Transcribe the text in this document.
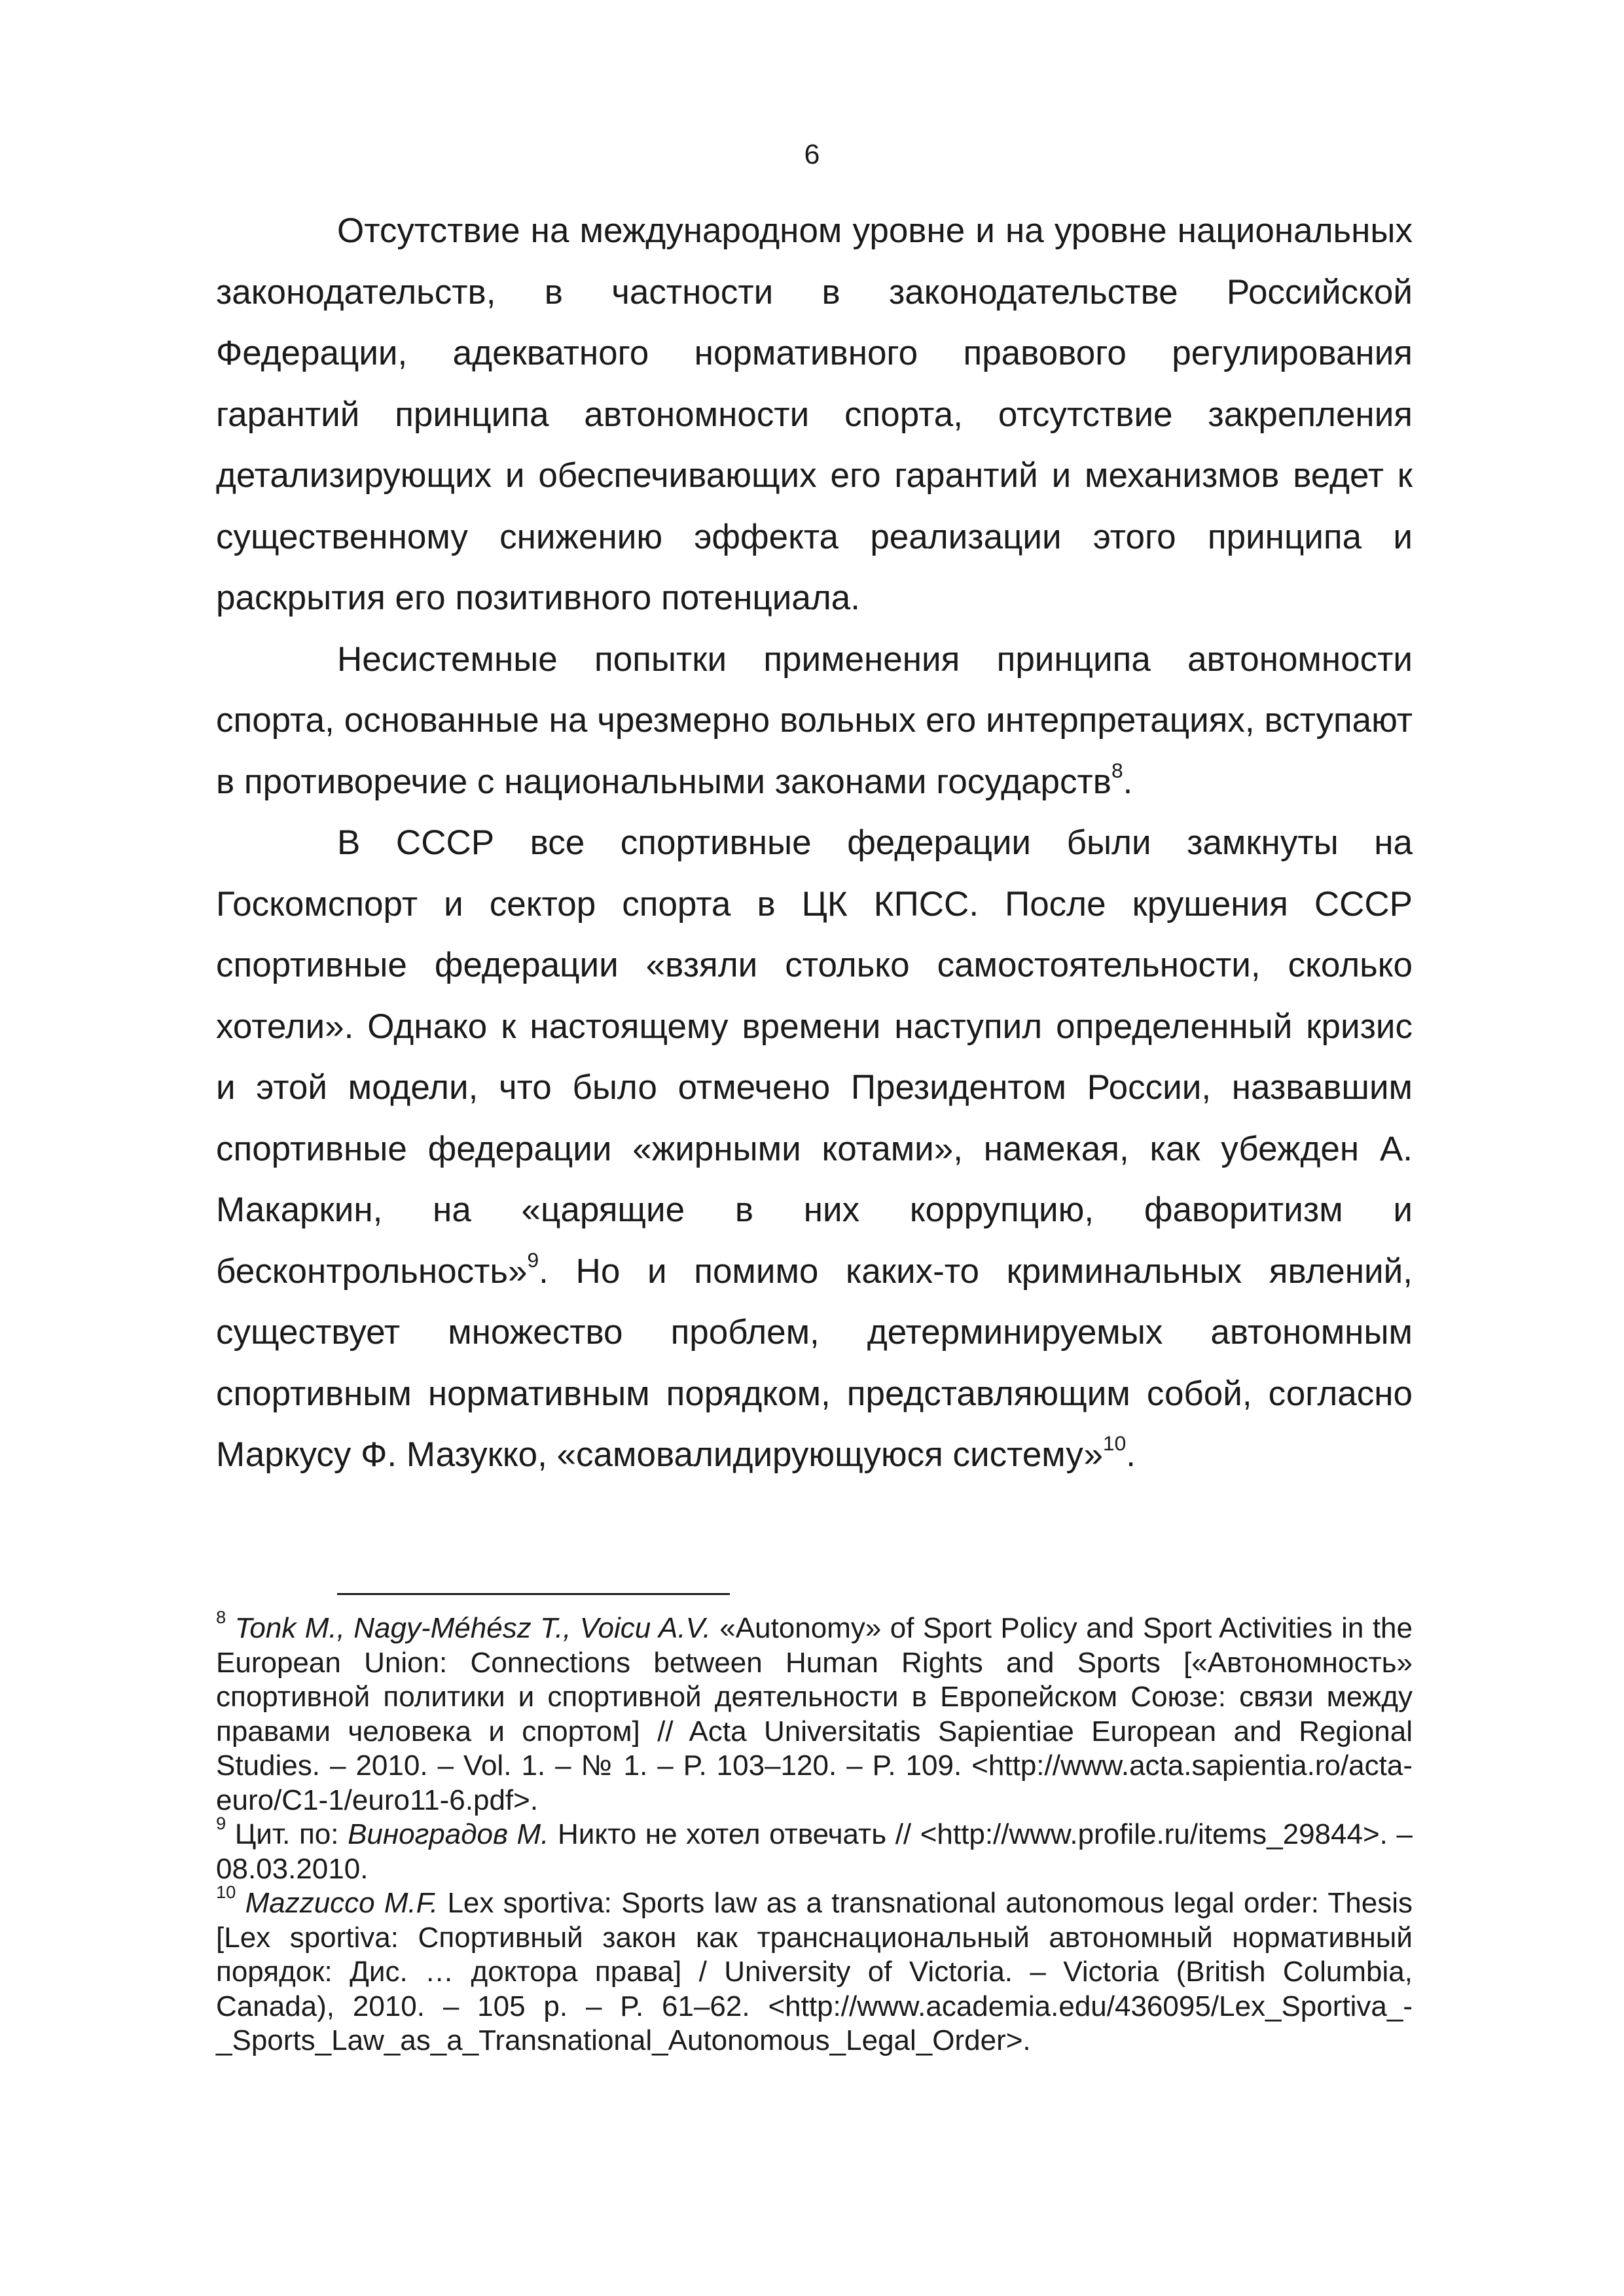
6

Отсутствие на международном уровне и на уровне национальных законодательств, в частности в законодательстве Российской Федерации, адекватного нормативного правового регулирования гарантий принципа автономности спорта, отсутствие закрепления детализирующих и обеспечивающих его гарантий и механизмов ведет к существенному снижению эффекта реализации этого принципа и раскрытия его позитивного потенциала.

Несистемные попытки применения принципа автономности спорта, основанные на чрезмерно вольных его интерпретациях, вступают в противоречие с национальными законами государств$^8$.

В СССР все спортивные федерации были замкнуты на Госкомспорт и сектор спорта в ЦК КПСС. После крушения СССР спортивные федерации «взяли столько самостоятельности, сколько хотели». Однако к настоящему времени наступил определенный кризис и этой модели, что было отмечено Президентом России, назвавшим спортивные федерации «жирными котами», намекая, как убежден А. Макаркин, на «царящие в них коррупцию, фаворитизм и бесконтрольность»$^9$. Но и помимо каких-то криминальных явлений, существует множество проблем, детерминируемых автономным спортивным нормативным порядком, представляющим собой, согласно Маркусу Ф. Мазукко, «самовалидирующуюся систему»$^{10}$.

$^8$ Tonk M., Nagy-Méhész T., Voicu A.V. «Autonomy» of Sport Policy and Sport Activities in the European Union: Connections between Human Rights and Sports [«Автономность» спортивной политики и спортивной деятельности в Европейском Союзе: связи между правами человека и спортом] // Acta Universitatis Sapientiae European and Regional Studies. – 2010. – Vol. 1. – № 1. – P. 103–120. – P. 109. <http://www.acta.sapientia.ro/acta-euro/C1-1/euro11-6.pdf>.

$^9$ Цит. по: Виноградов М. Никто не хотел отвечать // <http://www.profile.ru/items_29844>. – 08.03.2010.

$^{10}$ Mazzucco M.F. Lex sportiva: Sports law as a transnational autonomous legal order: Thesis [Lex sportiva: Спортивный закон как транснациональный автономный нормативный порядок: Дис. … доктора права] / University of Victoria. – Victoria (British Columbia, Canada), 2010. – 105 р. – P. 61–62. <http://www.academia.edu/436095/Lex_Sportiva_- _Sports_Law_as_a_Transnational_Autonomous_Legal_Order>.
